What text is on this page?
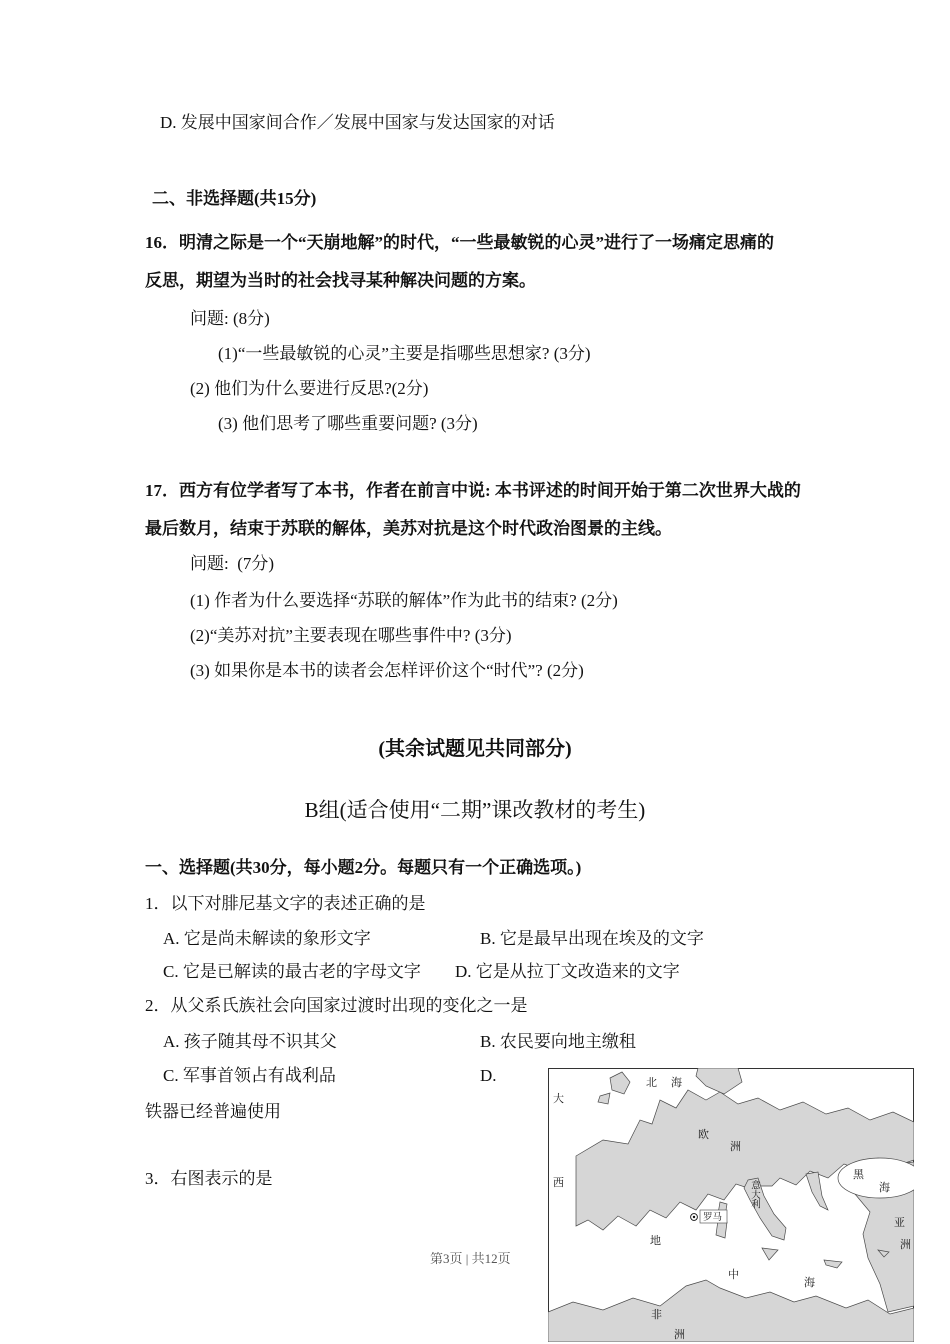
D. 发展中国家间合作／发展中国家与发达国家的对话
二、非选择题(共15分)
16．明清之际是一个“天崩地解”的时代，“一些最敏锐的心灵”进行了一场痛定思痛的
反思，期望为当时的社会找寻某种解决问题的方案。
问题: (8分)
(1)“一些最敏锐的心灵”主要是指哪些思想家? (3分)
(2) 他们为什么要进行反思?(2分)
(3) 他们思考了哪些重要问题? (3分)
17．西方有位学者写了本书，作者在前言中说: 本书评述的时间开始于第二次世界大战的
最后数月，结束于苏联的解体，美苏对抗是这个时代政治图景的主线。
问题:  (7分)
(1) 作者为什么要选择“苏联的解体”作为此书的结束? (2分)
(2)“美苏对抗”主要表现在哪些事件中? (3分)
(3) 如果你是本书的读者会怎样评价这个“时代”? (2分)
(其余试题见共同部分)
B组(适合使用“二期”课改教材的考生)
一、选择题(共30分，每小题2分。每题只有一个正确选项。)
1．以下对腓尼基文字的表述正确的是
A. 它是尚未解读的象形文字	B. 它是最早出现在埃及的文字
C. 它是已解读的最古老的字母文字 D. 它是从拉丁文改造来的文字
2．从父系氏族社会向国家过渡时出现的变化之一是
A. 孩子随其母不识其父	B. 农民要向地主缴租
C. 军事首领占有战利品	D.
铁器已经普遍使用
3．右图表示的是
第3页 | 共12页
北海
大
西
欧
洲
黑
海
亚
洲
意大利
罗马
地
中
海
非
洲
